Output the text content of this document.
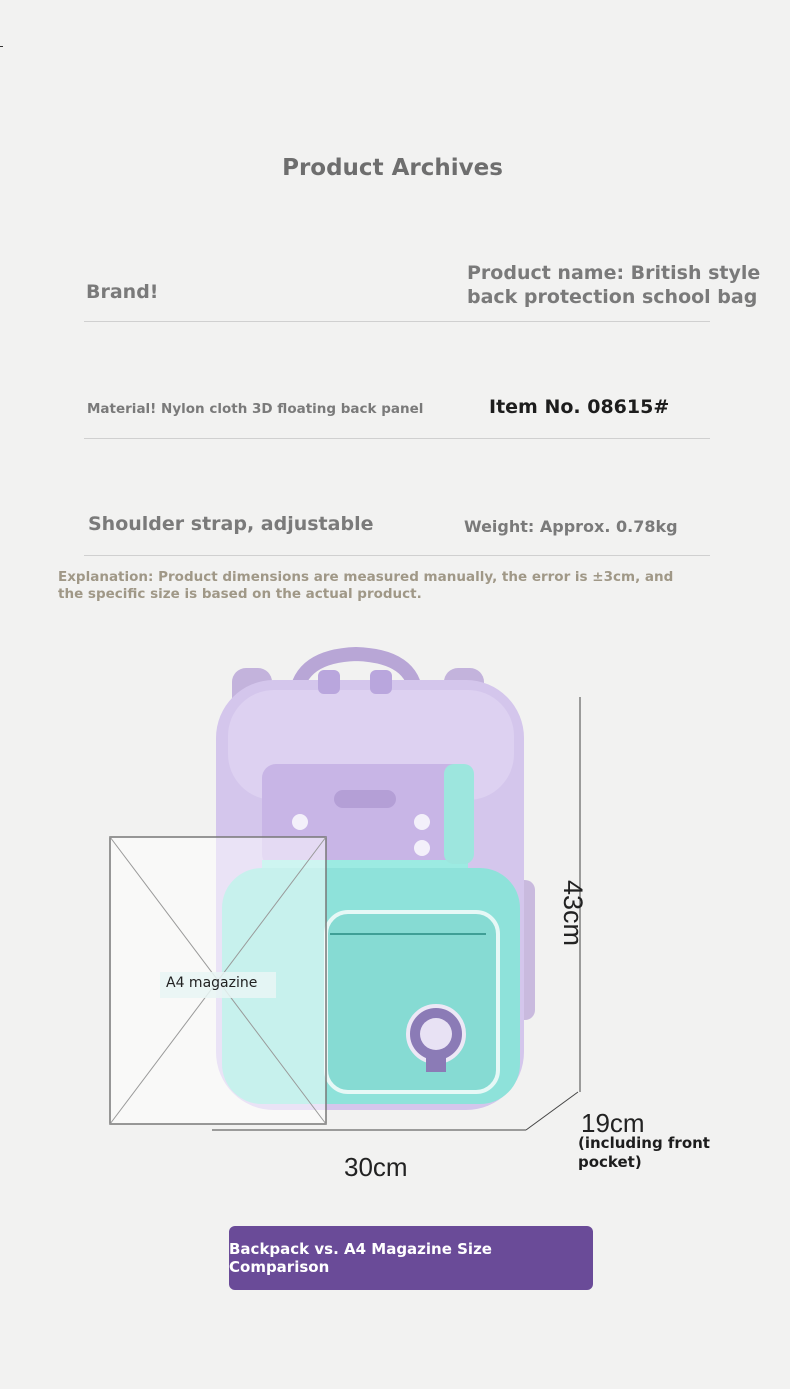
Product Archives
Brand!
Product name: British style back protection school bag
Material! Nylon cloth 3D floating back panel	Item No. 08615#
Shoulder strap, adjustable	Weight: Approx. 0.78kg
Explanation: Product dimensions are measured manually, the error is ±3cm, and the specific size is based on the actual product.
A4 magazine
43cm
30cm
19cm
(including front pocket)
Backpack vs. A4 Magazine Size Comparison
